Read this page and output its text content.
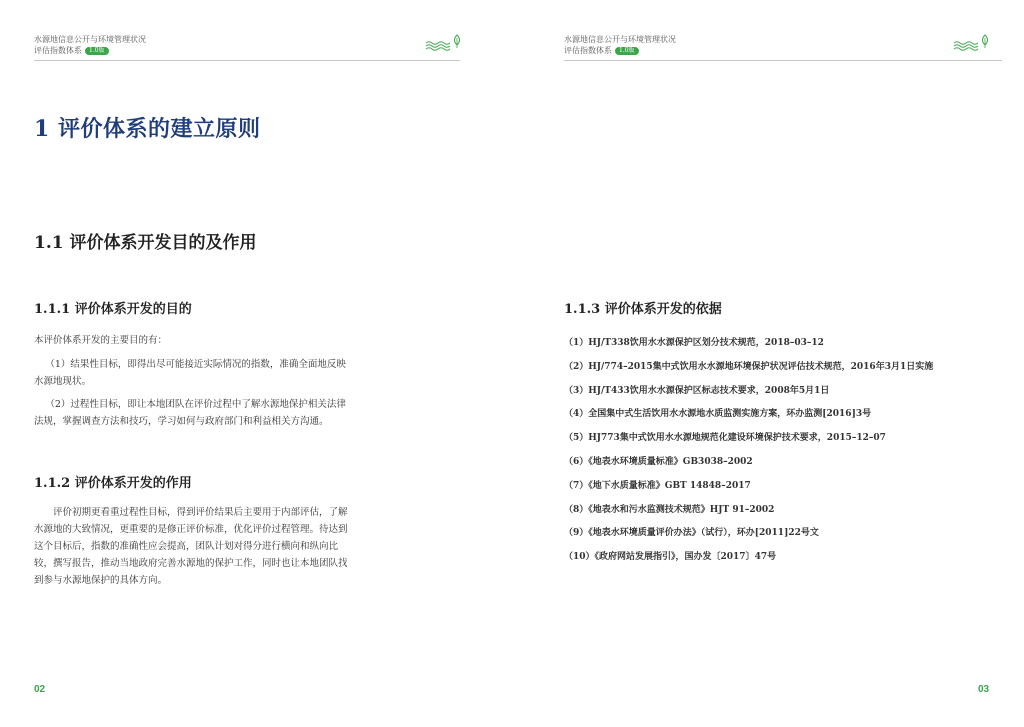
水源地信息公开与环境管理状况
评估指数体系 1.0版
1 评价体系的建立原则
1.1 评价体系开发目的及作用
1.1.1 评价体系开发的目的

本评价体系开发的主要目的有：

（1）结果性目标，即得出尽可能接近实际情况的指数，准确全面地反映水源地现状。

（2）过程性目标，即让本地团队在评价过程中了解水源地保护相关法律法规，掌握调查方法和技巧，学习如何与政府部门和利益相关方沟通。

1.1.2 评价体系开发的作用

评价初期更看重过程性目标，得到评价结果后主要用于内部评估，了解水源地的大致情况，更重要的是修正评价标准，优化评价过程管理。待达到这个目标后，指数的准确性应会提高，团队计划对得分进行横向和纵向比较，撰写报告，推动当地政府完善水源地的保护工作，同时也让本地团队找到参与水源地保护的具体方向。

02
水源地信息公开与环境管理状况
评估指数体系 1.0版
1.1.3 评价体系开发的依据
（1）HJ/T338饮用水水源保护区划分技术规范，2018–03–12
（2）HJ/774–2015集中式饮用水水源地环境保护状况评估技术规范，2016年3月1日实施
（3）HJ/T433饮用水水源保护区标志技术要求，2008年5月1日
（4）全国集中式生活饮用水水源地水质监测实施方案，环办监测[2016]3号
（5）HJ773集中式饮用水水源地规范化建设环境保护技术要求，2015–12–07
（6）《地表水环境质量标准》GB3038–2002
（7）《地下水质量标准》GBT 14848–2017
（8）《地表水和污水监测技术规范》HJT 91–2002
（9）《地表水环境质量评价办法》（试行），环办[2011]22号文
（10）《政府网站发展指引》，国办发〔2017〕47号
03
